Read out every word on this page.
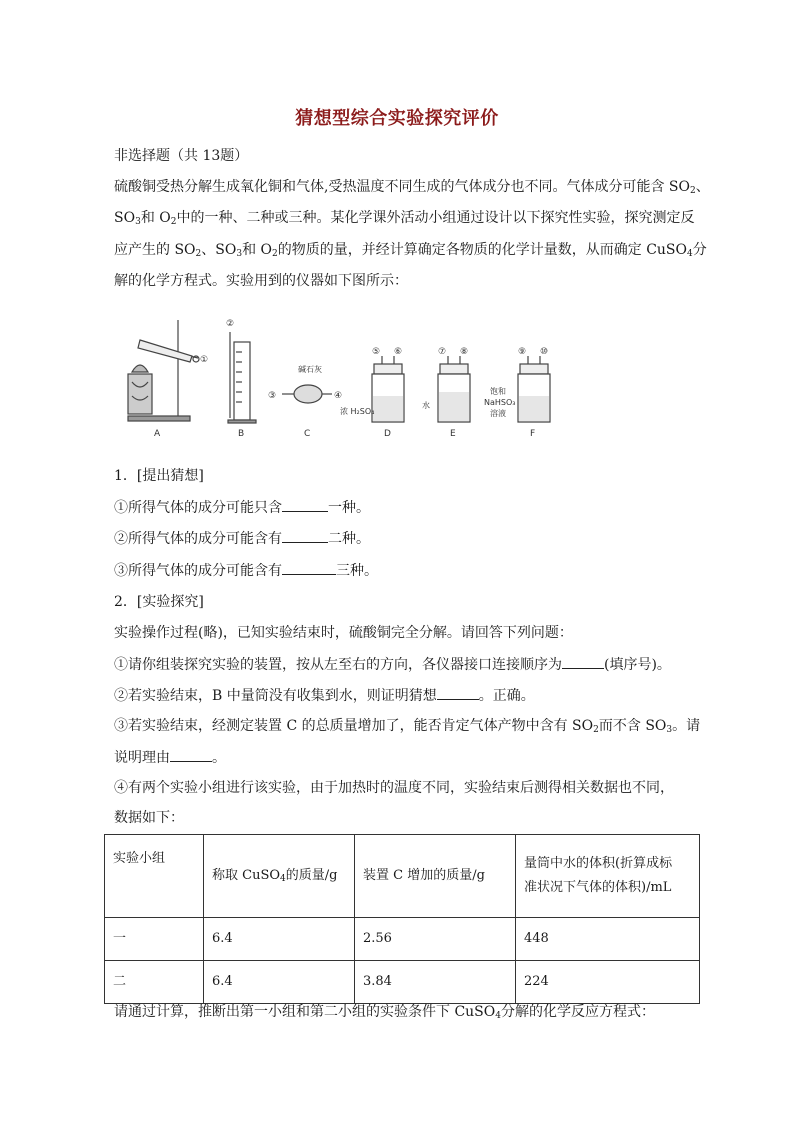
猜想型综合实验探究评价
非选择题（共 13题）
硫酸铜受热分解生成氧化铜和气体,受热温度不同生成的气体成分也不同。气体成分可能含 $SO_2$、
$SO_3$和 $O_2$中的一种、二种或三种。某化学课外活动小组通过设计以下探究性实验，探究测定反
应产生的 $SO_2$、$SO_3$和 $O_2$的物质的量，并经计算确定各物质的化学计量数，从而确定 CuSO$_4$分
解的化学方程式。实验用到的仪器如下图所示：
A
①
②
B
③	④
碱石灰
C
⑤ ⑥
浓 H₂SO₄
D
⑦ ⑧
水
E
⑨ ⑩
饱和
NaHSO₃
溶液
F
1．[提出猜想]
①所得气体的成分可能只含	一种。
②所得气体的成分可能含有	二种。
③所得气体的成分可能含有	三种。
2．[实验探究]
实验操作过程(略)，已知实验结束时，硫酸铜完全分解。请回答下列问题：
①请你组装探究实验的装置，按从左至右的方向，各仪器接口连接顺序为	(填序号)。
②若实验结束，B 中量筒没有收集到水，则证明猜想	。正确。
③若实验结束，经测定装置 C 的总质量增加了，能否肯定气体产物中含有 $SO_2$而不含 $SO_3$。请
说明理由	。
④有两个实验小组进行该实验，由于加热时的温度不同，实验结束后测得相关数据也不同，
数据如下：
实验小组	称取 CuSO$_4$的质量/g	装置 C 增加的质量/g	量筒中水的体积(折算成标
准状况下气体的体积)/mL

一	6.4	2.56	448
二	6.4	3.84	224
请通过计算，推断出第一小组和第二小组的实验条件下 CuSO$_4$分解的化学反应方程式：
